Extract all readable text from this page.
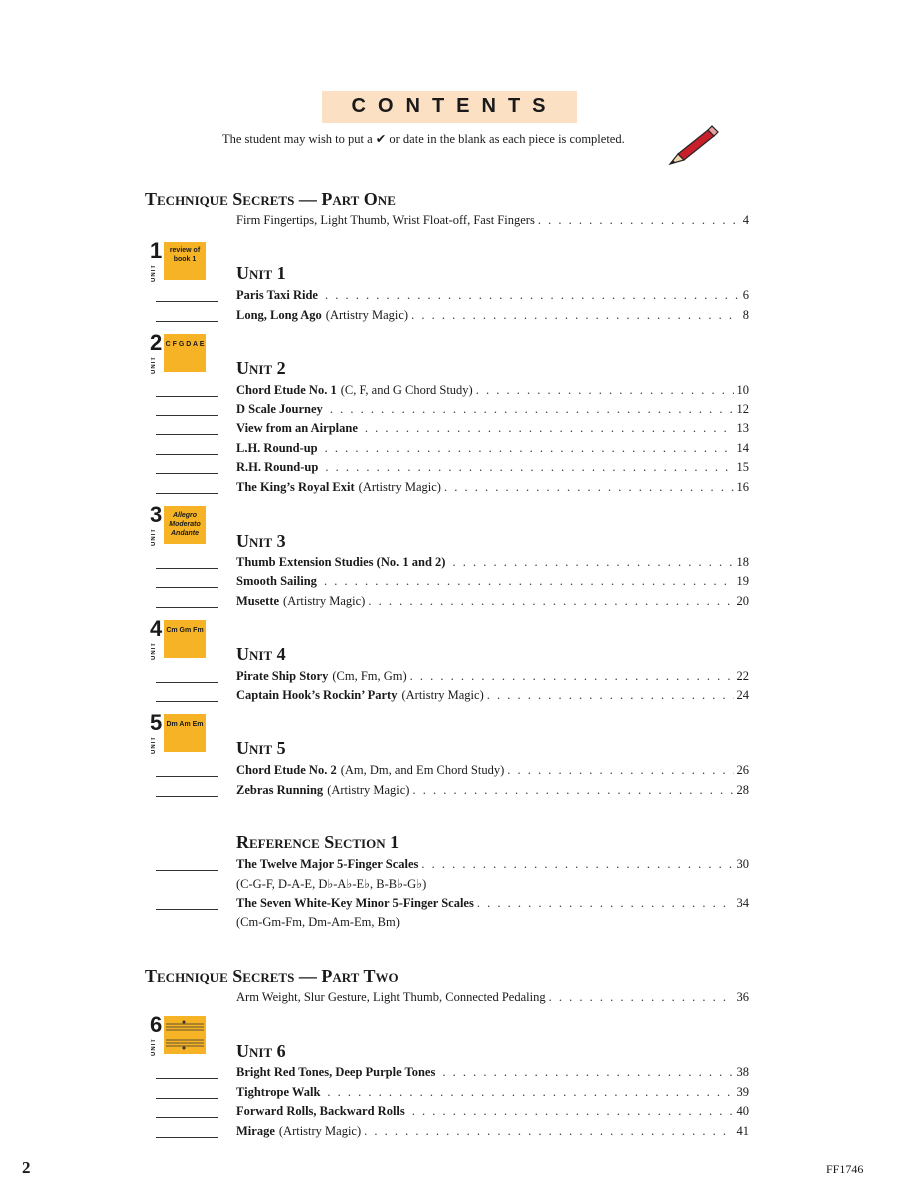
CONTENTS
The student may wish to put a ✔ or date in the blank as each piece is completed.
Technique Secrets — Part One
Firm Fingertips, Light Thumb, Wrist Float-off, Fast Fingers . . .	4
1
UNIT
review of book 1
Unit 1
Paris Taxi Ride . . .	6
Long, Long Ago (Artistry Magic) . . .	8
2
UNIT
C F G D A E
Unit 2
Chord Etude No. 1 (C, F, and G Chord Study) . . .	10
D Scale Journey . . .	12
View from an Airplane . . .	13
L.H. Round-up . . .	14
R.H. Round-up . . .	15
The King’s Royal Exit (Artistry Magic) . . .	16
3
UNIT
Allegro Moderato Andante	Unit 3
Thumb Extension Studies (No. 1 and 2) . . .	18
Smooth Sailing . . .	19
Musette (Artistry Magic) . . .	20
4
UNIT
Cm Gm Fm
Unit 4
Pirate Ship Story (Cm, Fm, Gm) . . .	22
Captain Hook’s Rockin’ Party (Artistry Magic) . . .	24
5
UNIT
Dm Am Em
Unit 5
Chord Etude No. 2 (Am, Dm, and Em Chord Study) . . .	26
Zebras Running (Artistry Magic) . . .	28
Reference Section 1
The Twelve Major 5-Finger Scales . . .	30
(C-G-F, D-A-E, D♭-A♭-E♭, B-B♭-G♭)
The Seven White-Key Minor 5-Finger Scales . . .	34
(Cm-Gm-Fm, Dm-Am-Em, Bm)
Technique Secrets — Part Two
Arm Weight, Slur Gesture, Light Thumb, Connected Pedaling . . .	36
6
UNIT	Unit 6
Bright Red Tones, Deep Purple Tones . . .	38
Tightrope Walk . . .	39
Forward Rolls, Backward Rolls . . .	40
Mirage (Artistry Magic) . . .	41
2	FF1746
